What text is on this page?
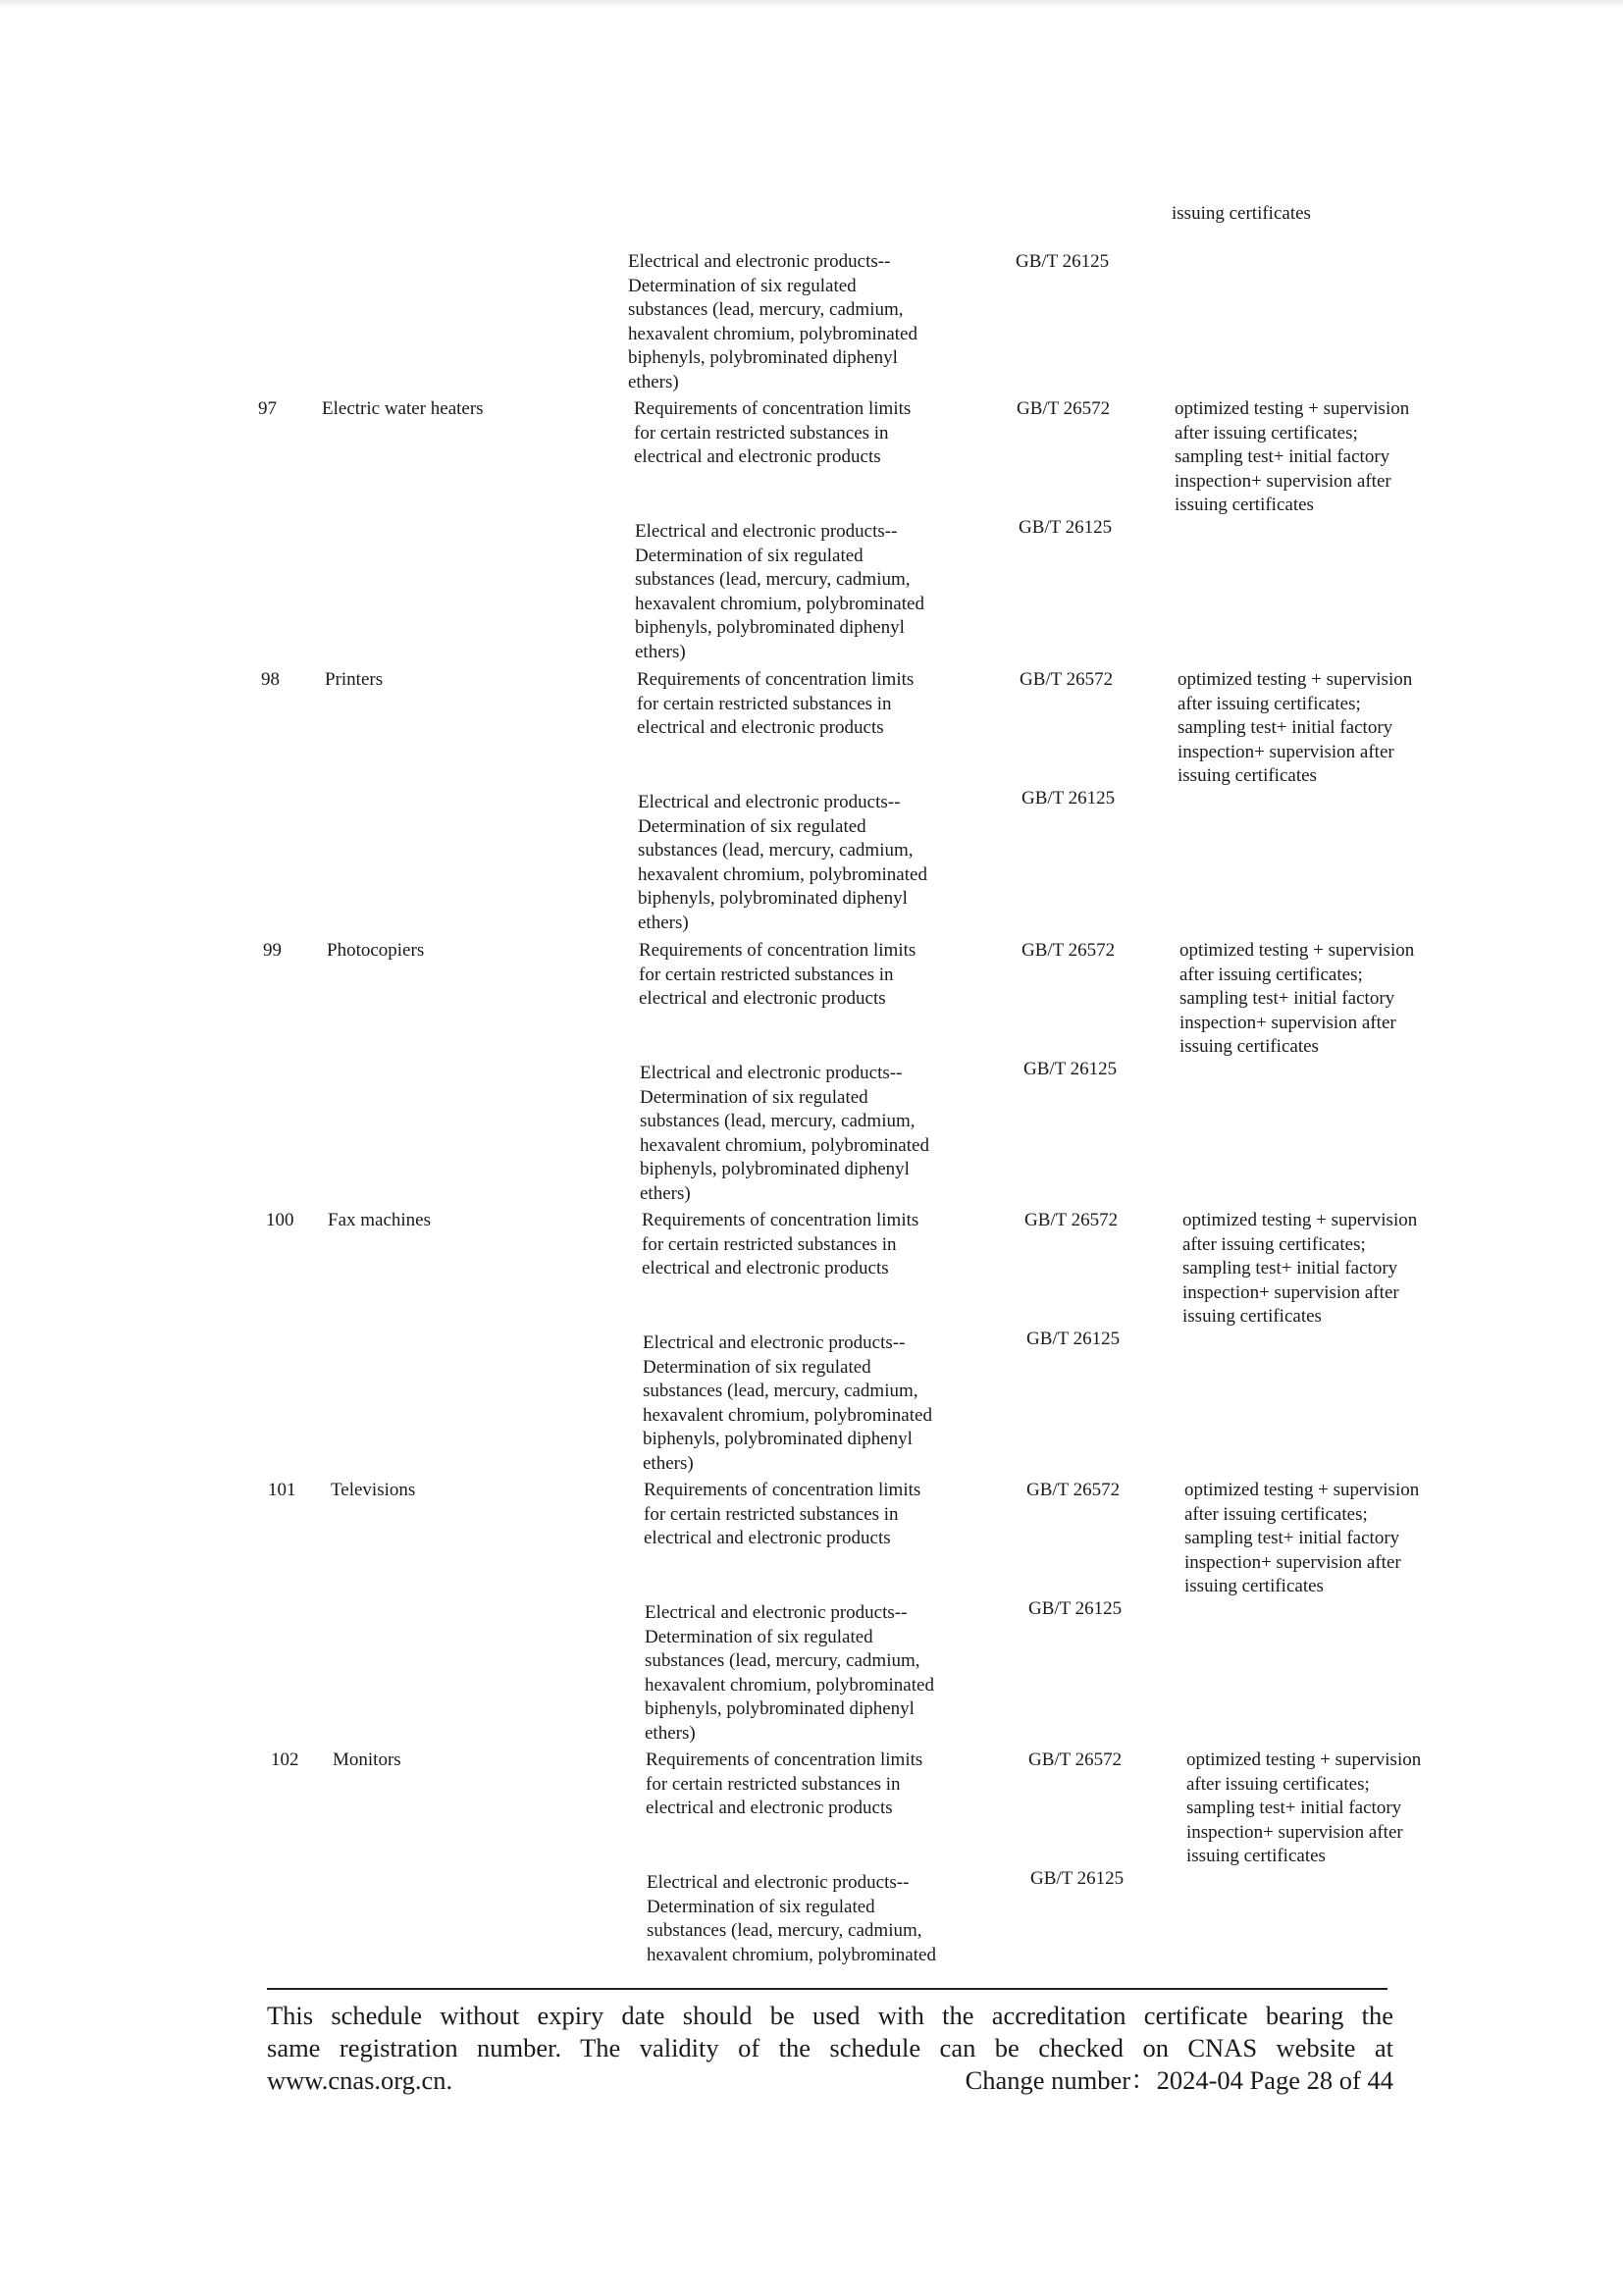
issuing certificates
Electrical and electronic products--
Determination of six regulated
substances (lead, mercury, cadmium,
hexavalent chromium, polybrominated
biphenyls, polybrominated diphenyl
ethers)
GB/T 26125
97	Electric water heaters	Requirements of concentration limits
for certain restricted substances in
electrical and electronic products
GB/T 26572	optimized testing + supervision
after issuing certificates;
sampling test+ initial factory
inspection+ supervision after
issuing certificates
Electrical and electronic products--
Determination of six regulated
substances (lead, mercury, cadmium,
hexavalent chromium, polybrominated
biphenyls, polybrominated diphenyl
ethers)
GB/T 26125
98	Printers	Requirements of concentration limits
for certain restricted substances in
electrical and electronic products
GB/T 26572	optimized testing + supervision
after issuing certificates;
sampling test+ initial factory
inspection+ supervision after
issuing certificates
Electrical and electronic products--
Determination of six regulated
substances (lead, mercury, cadmium,
hexavalent chromium, polybrominated
biphenyls, polybrominated diphenyl
ethers)
GB/T 26125
99	Photocopiers	Requirements of concentration limits
for certain restricted substances in
electrical and electronic products
GB/T 26572	optimized testing + supervision
after issuing certificates;
sampling test+ initial factory
inspection+ supervision after
issuing certificates
Electrical and electronic products--
Determination of six regulated
substances (lead, mercury, cadmium,
hexavalent chromium, polybrominated
biphenyls, polybrominated diphenyl
ethers)
GB/T 26125
100	Fax machines	Requirements of concentration limits
for certain restricted substances in
electrical and electronic products
GB/T 26572	optimized testing + supervision
after issuing certificates;
sampling test+ initial factory
inspection+ supervision after
issuing certificates
Electrical and electronic products--
Determination of six regulated
substances (lead, mercury, cadmium,
hexavalent chromium, polybrominated
biphenyls, polybrominated diphenyl
ethers)
GB/T 26125
101	Televisions	Requirements of concentration limits
for certain restricted substances in
electrical and electronic products
GB/T 26572	optimized testing + supervision
after issuing certificates;
sampling test+ initial factory
inspection+ supervision after
issuing certificates
Electrical and electronic products--
Determination of six regulated
substances (lead, mercury, cadmium,
hexavalent chromium, polybrominated
biphenyls, polybrominated diphenyl
ethers)
GB/T 26125
102	Monitors	Requirements of concentration limits
for certain restricted substances in
electrical and electronic products
GB/T 26572	optimized testing + supervision
after issuing certificates;
sampling test+ initial factory
inspection+ supervision after
issuing certificates
Electrical and electronic products--
Determination of six regulated
substances (lead, mercury, cadmium,
hexavalent chromium, polybrominated
GB/T 26125
This schedule without expiry date should be used with the accreditation certificate bearing the
same registration number. The validity of the schedule can be checked on CNAS website at
www.cnas.org.cn.	Change number：2024-04 Page 28 of 44
